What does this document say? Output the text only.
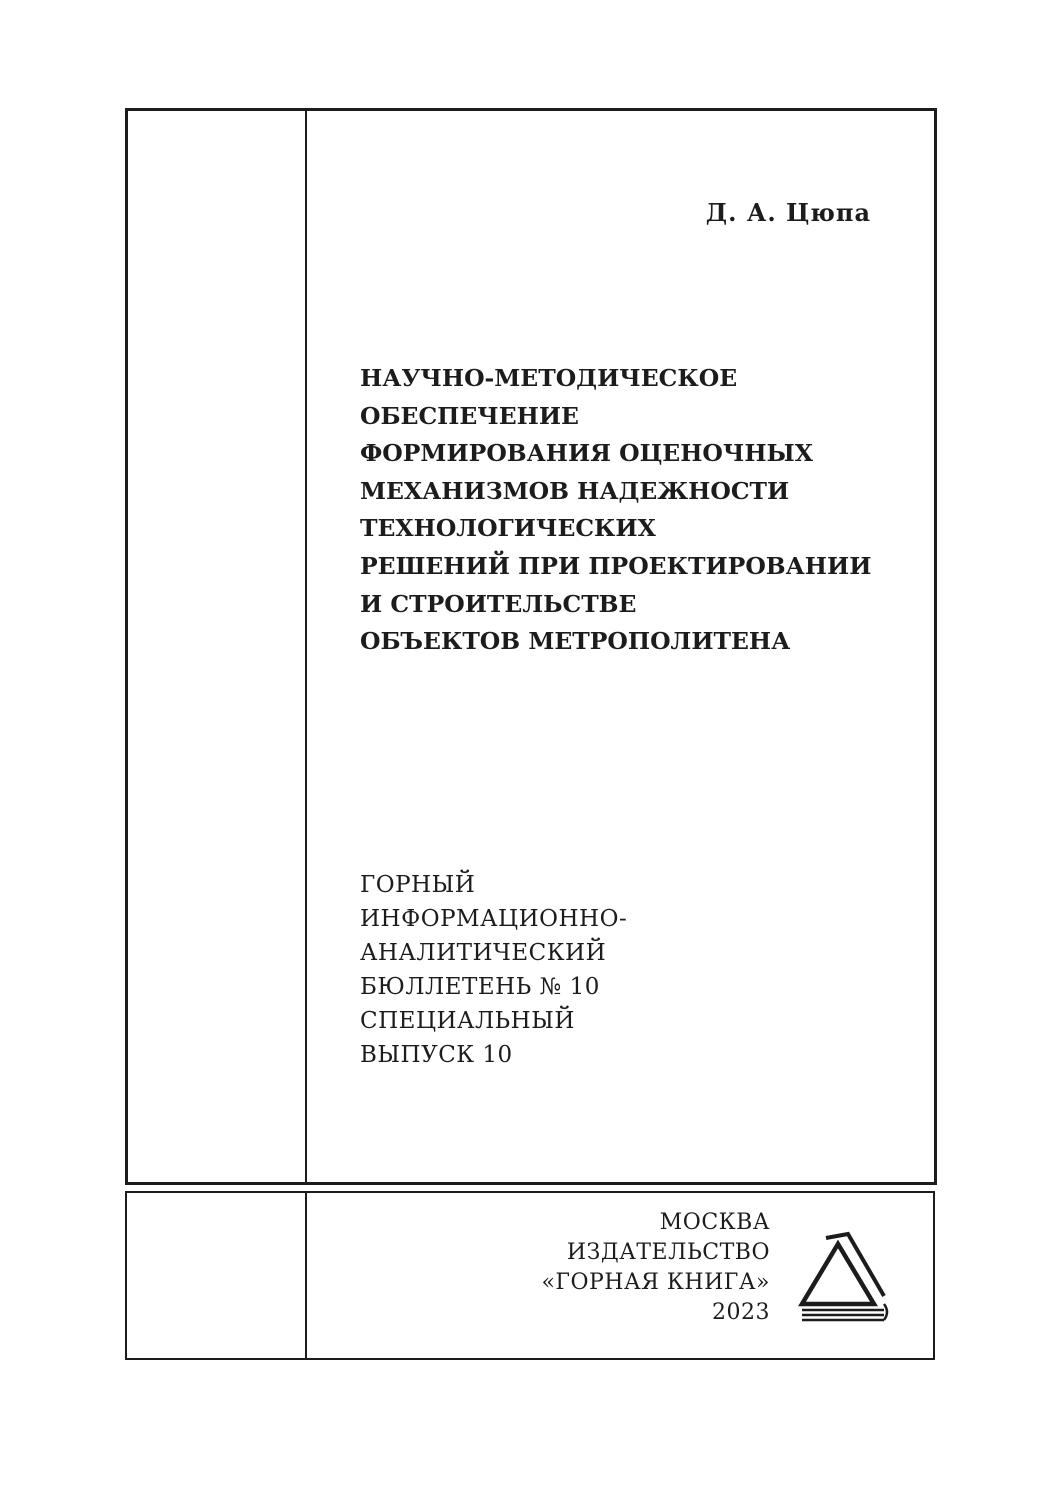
Д. А. Цюпа
НАУЧНО-МЕТОДИЧЕСКОЕ
ОБЕСПЕЧЕНИЕ
ФОРМИРОВАНИЯ ОЦЕНОЧНЫХ
МЕХАНИЗМОВ НАДЕЖНОСТИ
ТЕХНОЛОГИЧЕСКИХ
РЕШЕНИЙ ПРИ ПРОЕКТИРОВАНИИ
И СТРОИТЕЛЬСТВЕ
ОБЪЕКТОВ МЕТРОПОЛИТЕНА
ГОРНЫЙ
ИНФОРМАЦИОННО-
АНАЛИТИЧЕСКИЙ
БЮЛЛЕТЕНЬ № 10
СПЕЦИАЛЬНЫЙ
ВЫПУСК 10
МОСКВА
ИЗДАТЕЛЬСТВО
«ГОРНАЯ КНИГА»
2023
